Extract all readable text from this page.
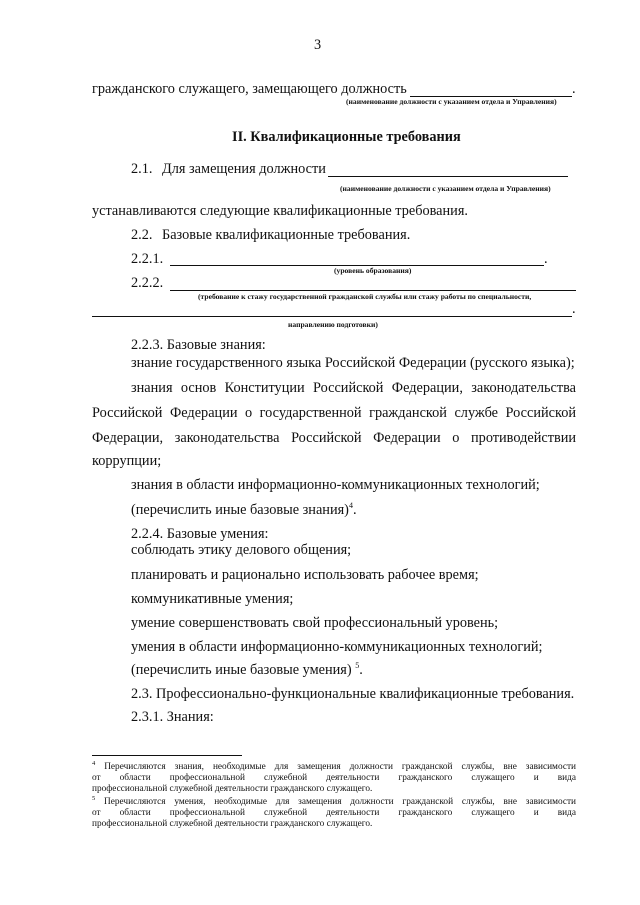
3
гражданского служащего, замещающего должность	.
(наименование должности с указанием отдела и Управления)
II. Квалификационные требования
2.1. Для замещения должности
(наименование должности с указанием отдела и Управления)
устанавливаются следующие квалификационные требования.
2.2. Базовые квалификационные требования.
2.2.1.	.
(уровень образования)
2.2.2.
(требование к стажу государственной гражданской службы или стажу работы по специальности,
.
направлению подготовки)
2.2.3. Базовые знания:
знание государственного языка Российской Федерации (русского языка);
знания основ Конституции Российской Федерации, законодательства
Российской Федерации о государственной гражданской службе Российской
Федерации, законодательства Российской Федерации о противодействии
коррупции;
знания в области информационно-коммуникационных технологий;
(перечислить иные базовые знания)$^4$.
2.2.4. Базовые умения:
соблюдать этику делового общения;
планировать и рационально использовать рабочее время;
коммуникативные умения;
умение совершенствовать свой профессиональный уровень;
умения в области информационно-коммуникационных технологий;
(перечислить иные базовые умения) $^5$.
2.3. Профессионально-функциональные квалификационные требования.
2.3.1. Знания:
$^4$ Перечисляются знания, необходимые для замещения должности гражданской службы, вне зависимости
от области профессиональной служебной деятельности гражданского служащего и вида
профессиональной служебной деятельности гражданского служащего.
$^5$ Перечисляются умения, необходимые для замещения должности гражданской службы, вне зависимости
от области профессиональной служебной деятельности гражданского служащего и вида
профессиональной служебной деятельности гражданского служащего.
